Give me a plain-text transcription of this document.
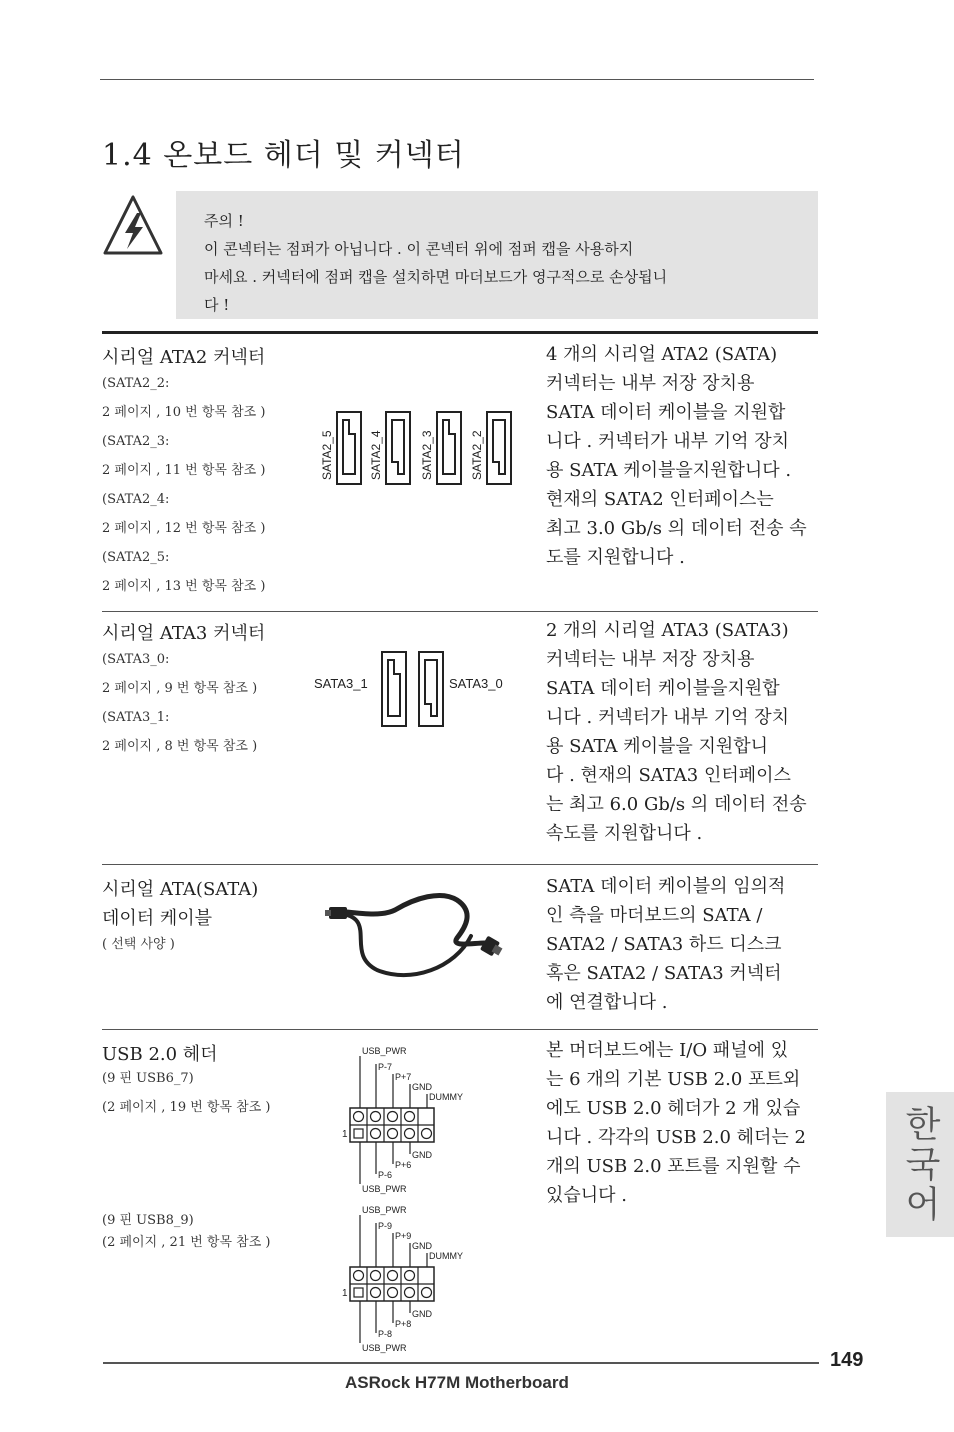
1.4 온보드 헤더 및 커넥터
주의 !
이 콘넥터는 점퍼가 아닙니다 . 이 콘넥터 위에 점퍼 캡을 사용하지
마세요 . 커넥터에 점퍼 캡을 설치하면 마더보드가 영구적으로 손상됩니
다 !
시리얼 ATA2 커넥터
(SATA2_2:
2 페이지 , 10 번 항목 참조 )
(SATA2_3:
2 페이지 , 11 번 항목 참조 )
(SATA2_4:
2 페이지 , 12 번 항목 참조 )
(SATA2_5:
2 페이지 , 13 번 항목 참조 )
SATA2_5	SATA2_4	SATA2_3	SATA2_2
4 개의 시리얼 ATA2 (SATA)
커넥터는 내부 저장 장치용
SATA 데이터 케이블을 지원합
니다 . 커넥터가 내부 기억 장치
용 SATA 케이블을지원합니다 .
현재의 SATA2 인터페이스는
최고 3.0 Gb/s 의 데이터 전송 속
도를 지원합니다 .
시리얼 ATA3 커넥터
(SATA3_0:
2 페이지 , 9 번 항목 참조 )
(SATA3_1:
2 페이지 , 8 번 항목 참조 )
SATA3_1	SATA3_0
2 개의 시리얼 ATA3 (SATA3)
커넥터는 내부 저장 장치용
SATA 데이터 케이블을지원합
니다 . 커넥터가 내부 기억 장치
용 SATA 케이블을 지원합니
다 . 현재의 SATA3 인터페이스
는 최고 6.0 Gb/s 의 데이터 전송
속도를 지원합니다 .
시리얼 ATA(SATA)
데이터 케이블
( 선택 사양 )
SATA 데이터 케이블의 임의적
인 측을 마더보드의 SATA /
SATA2 / SATA3 하드 디스크
혹은 SATA2 / SATA3 커넥터
에 연결합니다 .
USB 2.0 헤더
(9 핀 USB6_7)
(2 페이지 , 19 번 항목 참조 )
(9 핀 USB8_9)
(2 페이지 , 21 번 항목 참조 )
USB_PWR
P-7
P+7
GND
DUMMY
1
GND
P+6
P-6
USB_PWR
USB_PWR
P-9
P+9
GND
DUMMY
1
GND
P+8
P-8
USB_PWR
본 머더보드에는 I/O 패널에 있
는 6 개의 기본 USB 2.0 포트외
에도 USB 2.0 헤더가 2 개 있습
니다 . 각각의 USB 2.0 헤더는 2
개의 USB 2.0 포트를 지원할 수
있습니다 .	한국어
149
ASRock H77M Motherboard
